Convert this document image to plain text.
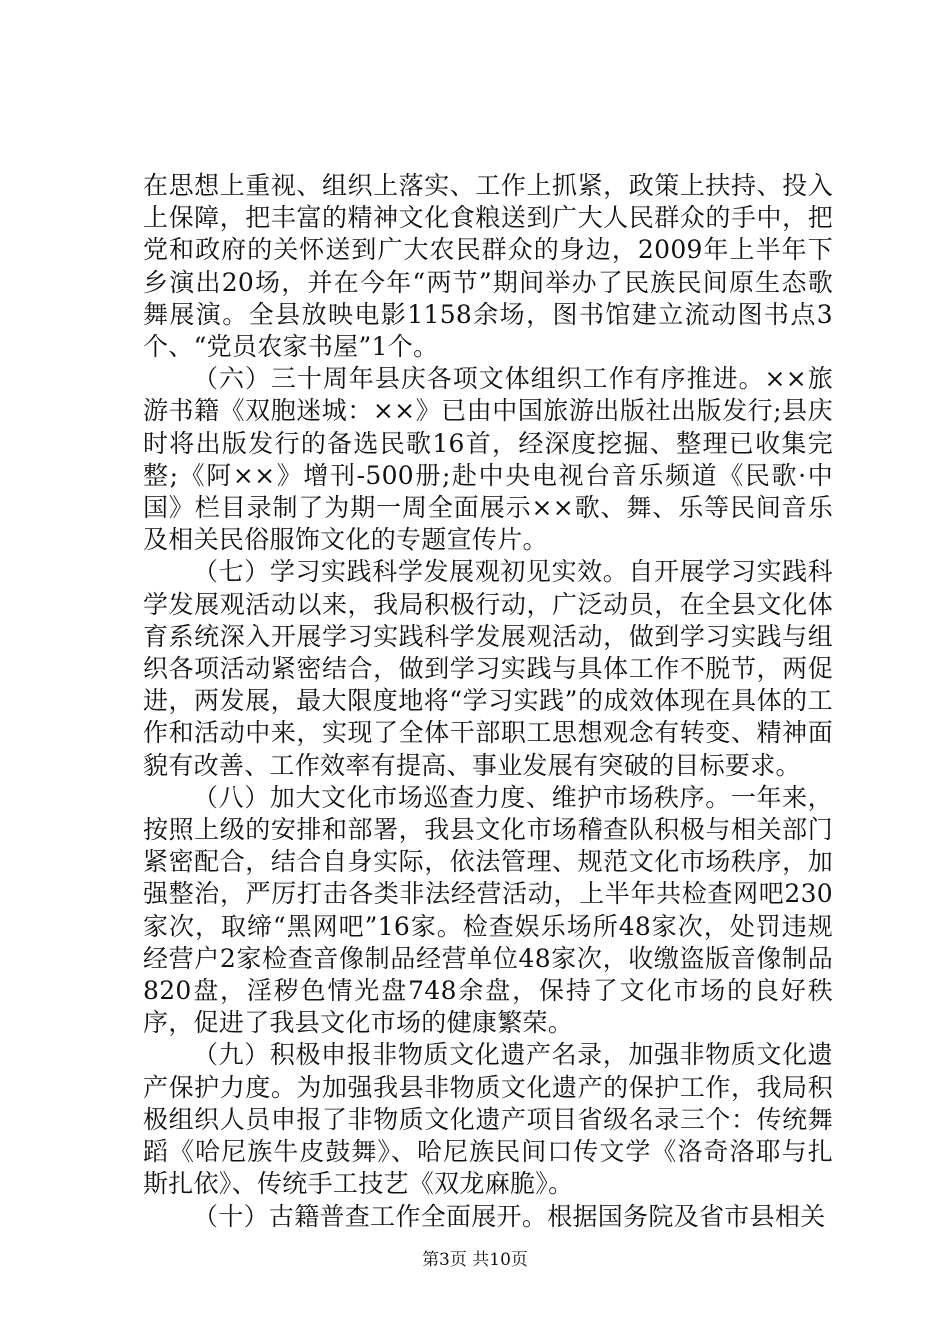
在思想上重视、组织上落实、工作上抓紧，政策上扶持、投入上保障，把丰富的精神文化食粮送到广大人民群众的手中，把党和政府的关怀送到广大农民群众的身边，2009年上半年下乡演出20场，并在今年“两节”期间举办了民族民间原生态歌舞展演。全县放映电影1158余场，图书馆建立流动图书点3个、“党员农家书屋”1个。

（六）三十周年县庆各项文体组织工作有序推进。××旅游书籍《双胞迷城：××》已由中国旅游出版社出版发行;县庆时将出版发行的备选民歌16首，经深度挖掘、整理已收集完整;《阿××》增刊-500册;赴中央电视台音乐频道《民歌·中国》栏目录制了为期一周全面展示××歌、舞、乐等民间音乐及相关民俗服饰文化的专题宣传片。

（七）学习实践科学发展观初见实效。自开展学习实践科学发展观活动以来，我局积极行动，广泛动员，在全县文化体育系统深入开展学习实践科学发展观活动，做到学习实践与组织各项活动紧密结合，做到学习实践与具体工作不脱节，两促进，两发展，最大限度地将“学习实践”的成效体现在具体的工作和活动中来，实现了全体干部职工思想观念有转变、精神面貌有改善、工作效率有提高、事业发展有突破的目标要求。

（八）加大文化市场巡查力度、维护市场秩序。一年来，按照上级的安排和部署，我县文化市场稽查队积极与相关部门紧密配合，结合自身实际，依法管理、规范文化市场秩序，加强整治，严厉打击各类非法经营活动，上半年共检查网吧230家次，取缔“黑网吧”16家。检查娱乐场所48家次，处罚违规经营户2家检查音像制品经营单位48家次，收缴盗版音像制品820盘，淫秽色情光盘748余盘，保持了文化市场的良好秩序，促进了我县文化市场的健康繁荣。

（九）积极申报非物质文化遗产名录，加强非物质文化遗产保护力度。为加强我县非物质文化遗产的保护工作，我局积极组织人员申报了非物质文化遗产项目省级名录三个：传统舞蹈《哈尼族牛皮鼓舞》、哈尼族民间口传文学《洛奇洛耶与扎斯扎依》、传统手工技艺《双龙麻脆》。

（十）古籍普查工作全面展开。根据国务院及省市县相关

第3页 共10页
